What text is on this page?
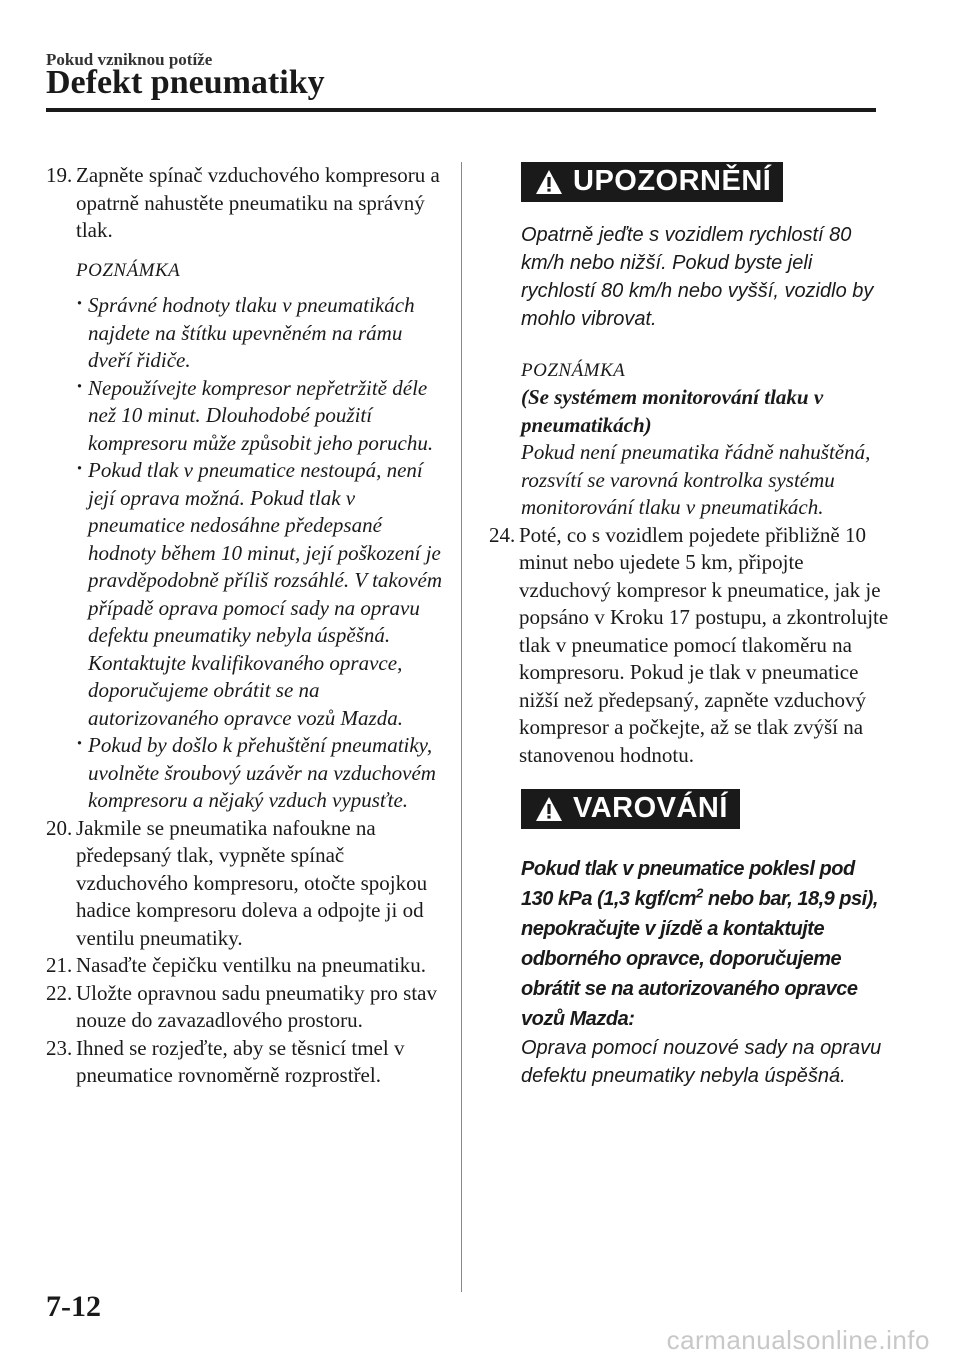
Pokud vzniknou potíže
Defekt pneumatiky
19. Zapněte spínač vzduchového kompresoru a opatrně nahustěte pneumatiku na správný tlak.
POZNÁMKA
· Správné hodnoty tlaku v pneumatikách najdete na štítku upevněném na rámu dveří řidiče.
· Nepoužívejte kompresor nepřetržitě déle než 10 minut. Dlouhodobé použití kompresoru může způsobit jeho poruchu.
· Pokud tlak v pneumatice nestoupá, není její oprava možná. Pokud tlak v pneumatice nedosáhne předepsané hodnoty během 10 minut, její poškození je pravděpodobně příliš rozsáhlé. V takovém případě oprava pomocí sady na opravu defektu pneumatiky nebyla úspěšná. Kontaktujte kvalifikovaného opravce, doporučujeme obrátit se na autorizovaného opravce vozů Mazda.
· Pokud by došlo k přehuštění pneumatiky, uvolněte šroubový uzávěr na vzduchovém kompresoru a nějaký vzduch vypusťte.
20. Jakmile se pneumatika nafoukne na předepsaný tlak, vypněte spínač vzduchového kompresoru, otočte spojkou hadice kompresoru doleva a odpojte ji od ventilu pneumatiky.
21. Nasaďte čepičku ventilku na pneumatiku.
22. Uložte opravnou sadu pneumatiky pro stav nouze do zavazadlového prostoru.
23. Ihned se rozjeďte, aby se těsnicí tmel v pneumatice rovnoměrně rozprostřel.
UPOZORNĚNÍ
Opatrně jeďte s vozidlem rychlostí 80 km/h nebo nižší. Pokud byste jeli rychlostí 80 km/h nebo vyšší, vozidlo by mohlo vibrovat.
POZNÁMKA
(Se systémem monitorování tlaku v pneumatikách)
Pokud není pneumatika řádně nahuštěná, rozsvítí se varovná kontrolka systému monitorování tlaku v pneumatikách.
24. Poté, co s vozidlem pojedete přibližně 10 minut nebo ujedete 5 km, připojte vzduchový kompresor k pneumatice, jak je popsáno v Kroku 17 postupu, a zkontrolujte tlak v pneumatice pomocí tlakoměru na kompresoru. Pokud je tlak v pneumatice nižší než předepsaný, zapněte vzduchový kompresor a počkejte, až se tlak zvýší na stanovenou hodnotu.
VAROVÁNÍ
Pokud tlak v pneumatice poklesl pod 130 kPa (1,3 kgf/$cm^2$ nebo bar, 18,9 psi), nepokračujte v jízdě a kontaktujte odborného opravce, doporučujeme obrátit se na autorizovaného opravce vozů Mazda:
Oprava pomocí nouzové sady na opravu defektu pneumatiky nebyla úspěšná.
7-12
carmanualsonline.info
